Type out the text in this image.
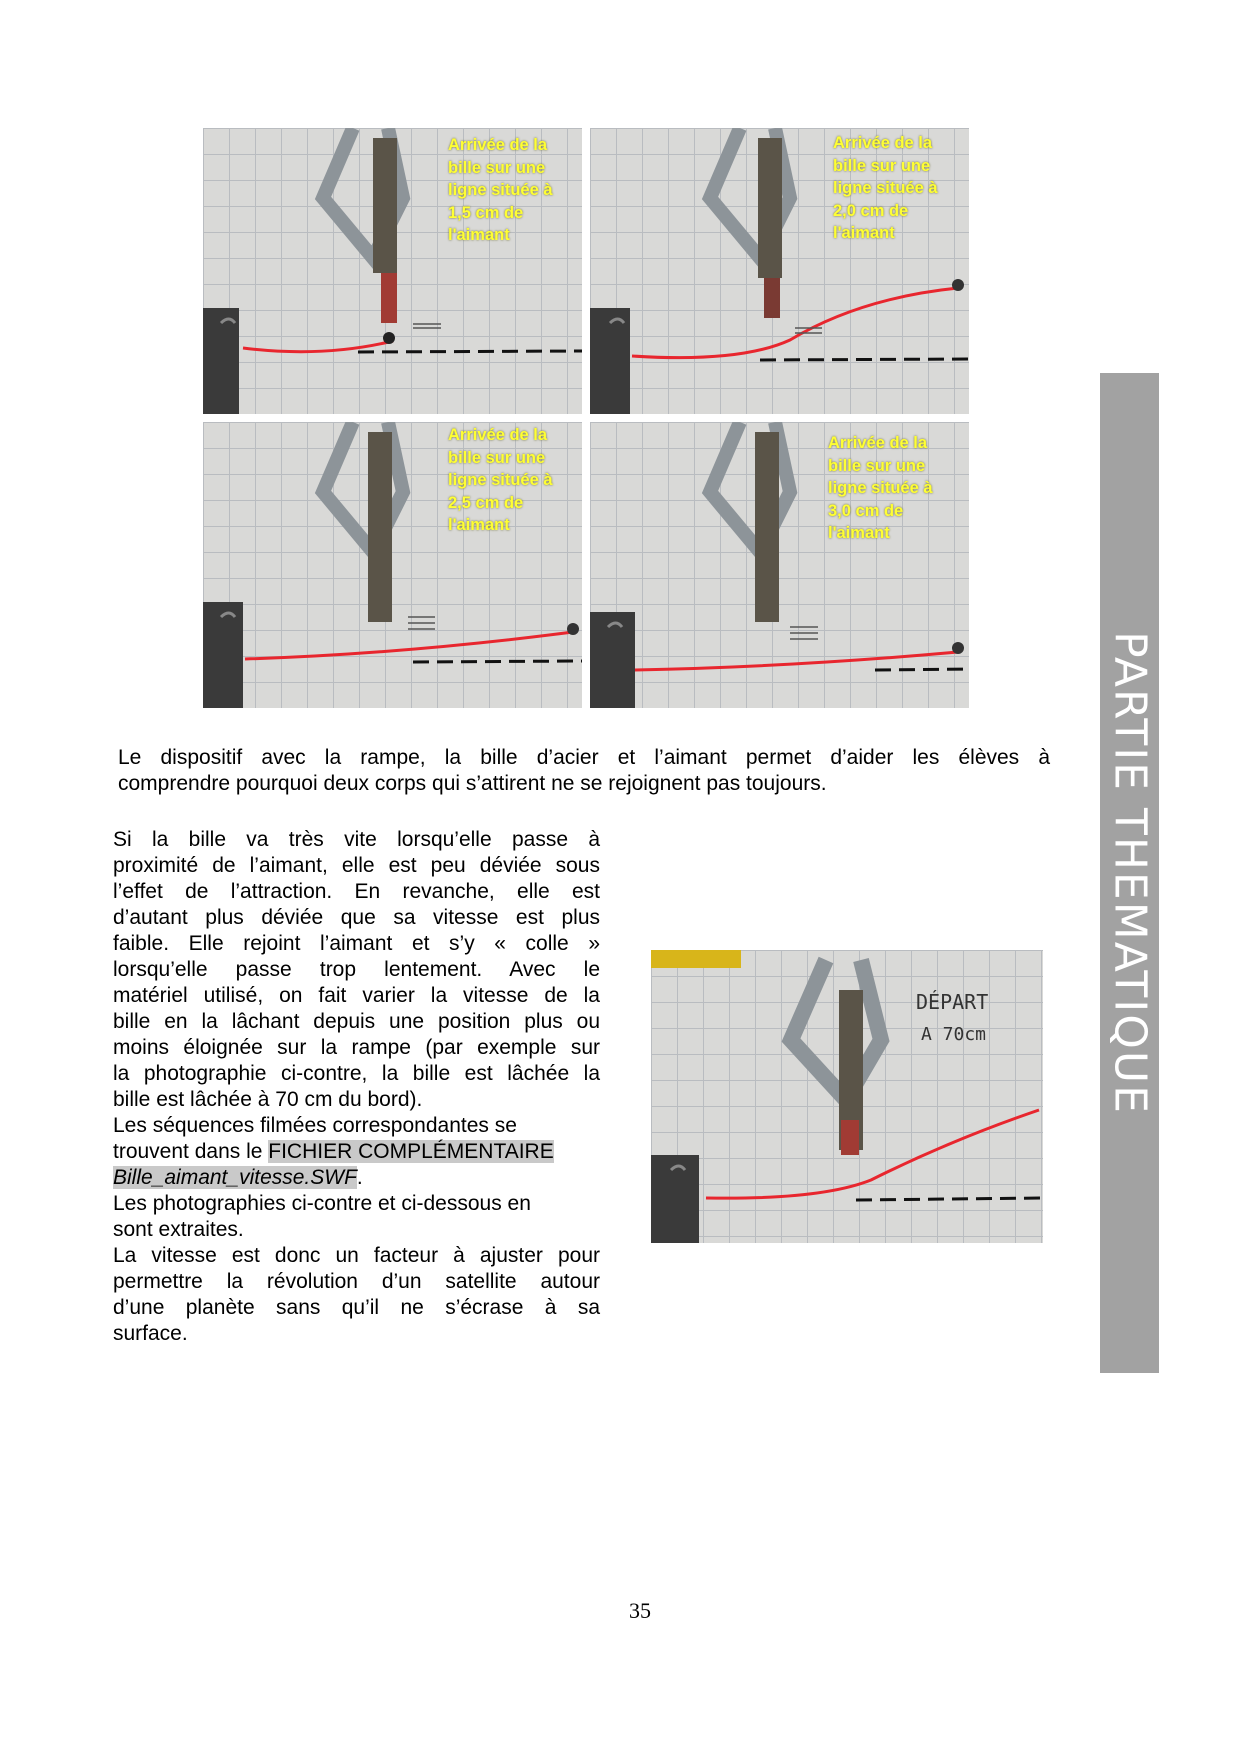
Arrivée de la
bille sur une
ligne située à
1,5 cm de
l'aimant
Arrivée de la
bille sur une
ligne située à
2,0 cm de
l'aimant
Arrivée de la
bille sur une
ligne située à
2,5 cm de
l'aimant
Arrivée de la
bille sur une
ligne située à
3,0 cm de
l'aimant
Le dispositif avec la rampe, la bille d’acier et l’aimant permet d’aider les élèves à
comprendre pourquoi deux corps qui s’attirent ne se rejoignent pas toujours.
Si la bille va très vite lorsqu’elle passe à
proximité de l’aimant, elle est peu déviée sous
l’effet de l’attraction. En revanche, elle est
d’autant plus déviée que sa vitesse est plus
faible. Elle rejoint l’aimant et s’y « colle »
lorsqu’elle passe trop lentement. Avec le
matériel utilisé, on fait varier la vitesse de la
bille en la lâchant depuis une position plus ou
moins éloignée sur la rampe (par exemple sur
la photographie ci-contre, la bille est lâchée la
bille est lâchée à 70 cm du bord).
Les séquences filmées correspondantes se
trouvent dans le FICHIER COMPLÉMENTAIRE
Bille_aimant_vitesse.SWF.
Les photographies ci-contre et ci-dessous en
sont extraites.
La vitesse est donc un facteur à ajuster pour
permettre la révolution d’un satellite autour
d’une planète sans qu’il ne s’écrase à sa
surface.
DÉPART
A 70cm	PARTIE THEMATIQUE
35
